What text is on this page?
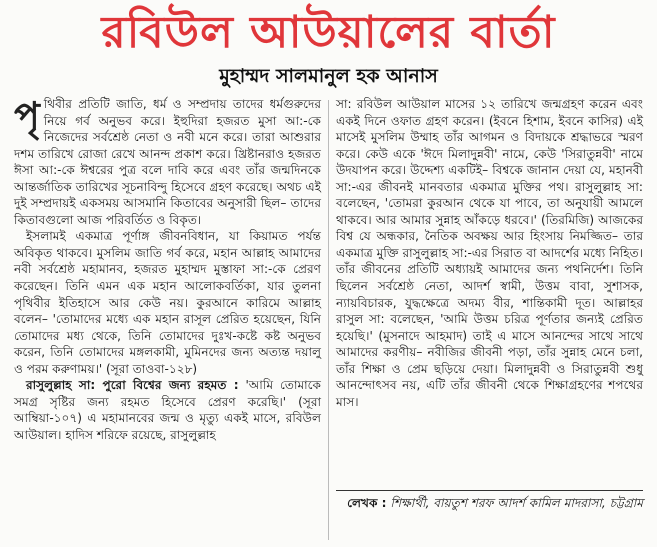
রবিউল আউয়ালের বার্তা
মুহাম্মদ সালমানুল হক আনাস

পৃথিবীর প্রতিটি জাতি, ধর্ম ও সম্প্রদায় তাদের ধর্মগুরুদের নিয়ে গর্ব অনুভব করে। ইহুদিরা হজরত মুসা আ:-কে নিজেদের সর্বশ্রেষ্ঠ নেতা ও নবী মনে করে। তারা আশুরার দশম তারিখে রোজা রেখে আনন্দ প্রকাশ করে। খ্রিষ্টানরাও হজরত ঈসা আ:-কে ঈশ্বরের পুত্র বলে দাবি করে এবং তাঁর জন্মদিনকে আন্তর্জাতিক তারিখের সূচনাবিন্দু হিসেবে গ্রহণ করেছে। অথচ এই দুই সম্প্রদায়ই একসময় আসমানি কিতাবের অনুসারী ছিল– তাদের কিতাবগুলো আজ পরিবর্তিত ও বিকৃত।

ইসলামই একমাত্র পূর্ণাঙ্গ জীবনবিধান, যা কিয়ামত পর্যন্ত অবিকৃত থাকবে। মুসলিম জাতি গর্ব করে, মহান আল্লাহ আমাদের নবী সর্বশ্রেষ্ঠ মহামানব, হজরত মুহাম্মদ মুস্তাফা সা:-কে প্রেরণ করেছেন। তিনি এমন এক মহান আলোকবর্তিকা, যার তুলনা পৃথিবীর ইতিহাসে আর কেউ নয়। কুরআনে কারিমে আল্লাহ বলেন– 'তোমাদের মধ্যে এক মহান রাসূল প্রেরিত হয়েছেন, যিনি তোমাদের মধ্য থেকে, তিনি তোমাদের দুঃখ-কষ্টে কষ্ট অনুভব করেন, তিনি তোমাদের মঙ্গলকামী, মুমিনদের জন্য অত্যন্ত দয়ালু ও পরম করুণাময়।' (সূরা তাওবা-১২৮)

রাসুলুল্লাহ সা: পুরো বিশ্বের জন্য রহমত : 'আমি তোমাকে সমগ্র সৃষ্টির জন্য রহমত হিসেবে প্রেরণ করেছি।' (সূরা আম্বিয়া-১০৭) এ মহামানবের জন্ম ও মৃত্যু একই মাসে, রবিউল আউয়াল। হাদিস শরিফে রয়েছে, রাসুলুল্লাহ

সা: রবিউল আউয়াল মাসের ১২ তারিখে জন্মগ্রহণ করেন এবং একই দিনে ওফাত গ্রহণ করেন। (ইবনে হিশাম, ইবনে কাসির) এই মাসেই মুসলিম উম্মাহ তাঁর আগমন ও বিদায়কে শ্রদ্ধাভরে স্মরণ করে। কেউ একে 'ঈদে মিলাদুন্নবী' নামে, কেউ 'সিরাতুন্নবী' নামে উদযাপন করে। উদ্দেশ্য একটিই– বিশ্বকে জানান দেয়া যে, মহানবী সা:-এর জীবনই মানবতার একমাত্র মুক্তির পথ। রাসুলুল্লাহ সা: বলেছেন, 'তোমরা কুরআন থেকে যা পাবে, তা অনুযায়ী আমলে থাকবে। আর আমার সুন্নাহ আঁকড়ে ধরবে।' (তিরমিজি) আজকের বিশ্ব যে অন্ধকার, নৈতিক অবক্ষয় আর হিংসায় নিমজ্জিত– তার একমাত্র মুক্তি রাসুলুল্লাহ সা:-এর সিরাত বা আদর্শের মধ্যে নিহিত। তাঁর জীবনের প্রতিটি অধ্যায়ই আমাদের জন্য পথনির্দেশ। তিনি ছিলেন সর্বশ্রেষ্ঠ নেতা, আদর্শ স্বামী, উত্তম বাবা, সুশাসক, ন্যায়বিচারক, যুদ্ধক্ষেত্রে অদম্য বীর, শান্তিকামী দূত। আল্লাহর রাসুল সা: বলেছেন, 'আমি উত্তম চরিত্র পূর্ণতার জন্যই প্রেরিত হয়েছি।' (মুসনাদে আহমাদ) তাই এ মাসে আনন্দের সাথে সাথে আমাদের করণীয়– নবীজির জীবনী পড়া, তাঁর সুন্নাহ মেনে চলা, তাঁর শিক্ষা ও প্রেম ছড়িয়ে দেয়া। মিলাদুন্নবী ও সিরাতুন্নবী শুধু আনন্দোৎসব নয়, এটি তাঁর জীবনী থেকে শিক্ষাগ্রহণের শপথের মাস।

লেখক : শিক্ষার্থী, বায়তুশ শরফ আদর্শ কামিল মাদরাসা, চট্টগ্রাম
